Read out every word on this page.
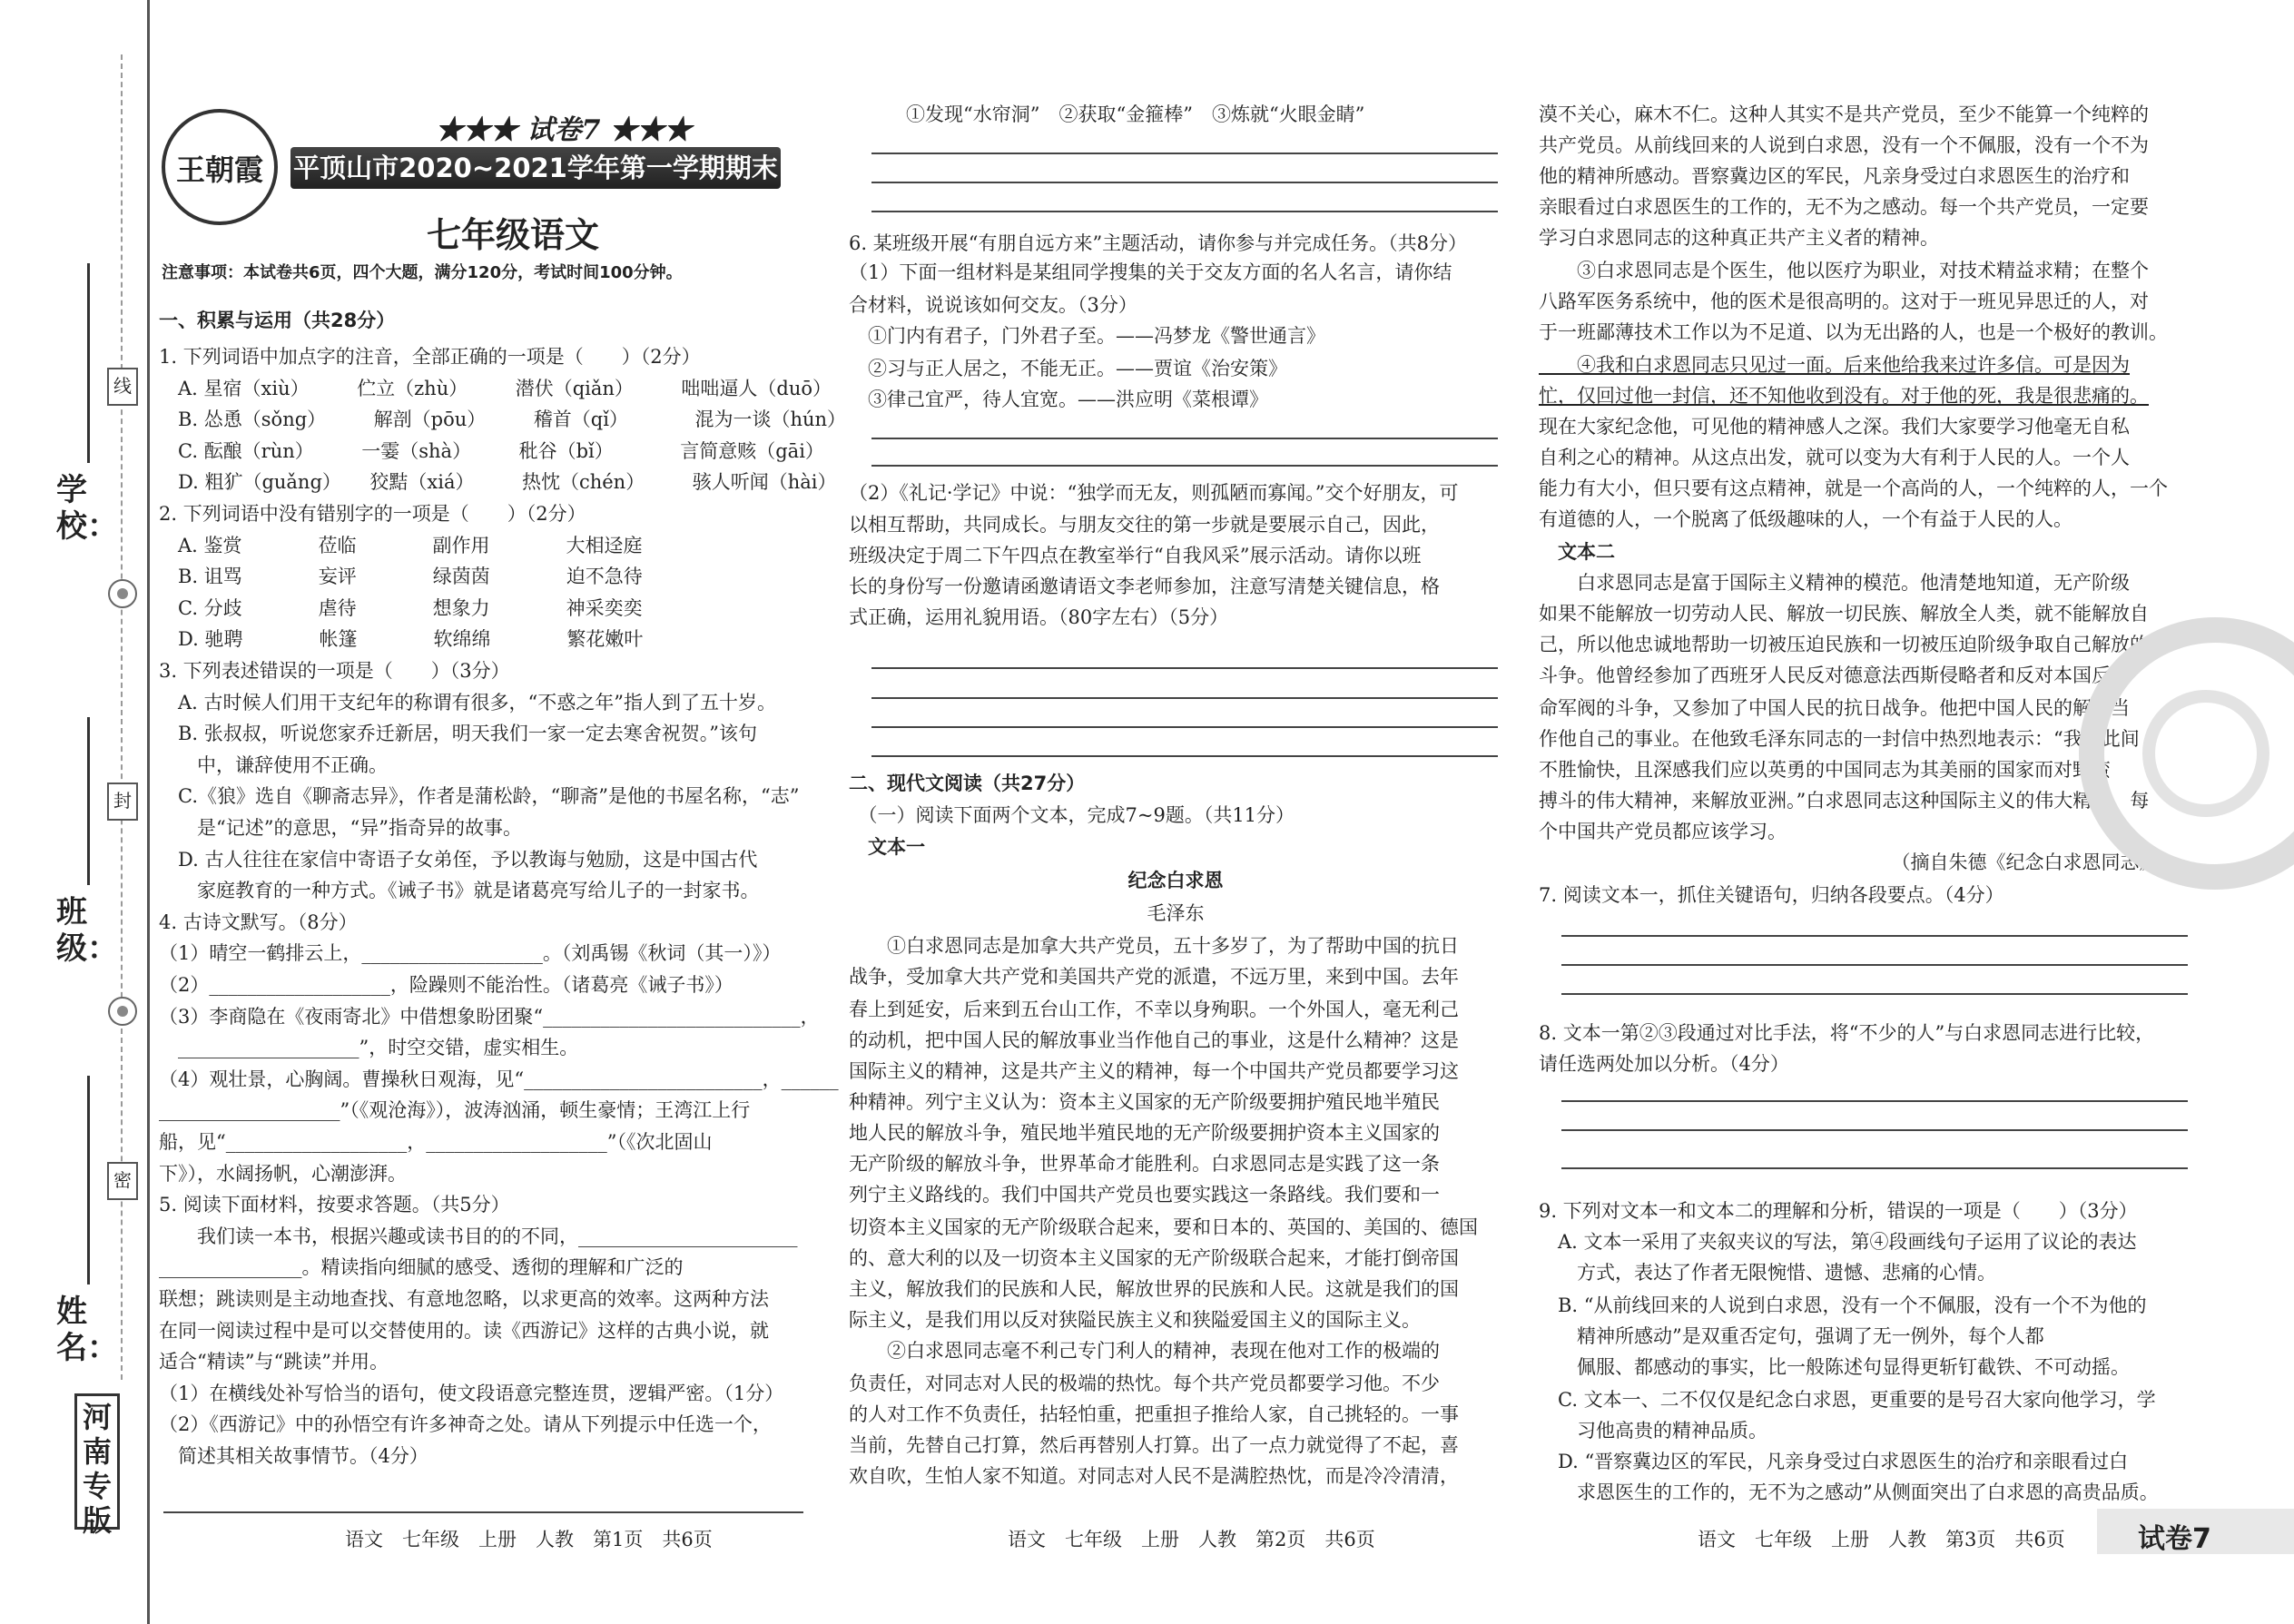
学校：
班级：
姓名：
线
封
密
河南专版
王朝霞
★★★ 试卷7 ★★★
平顶山市2020~2021学年第一学期期末调研考试试卷
七年级语文
注意事项：本试卷共6页，四个大题，满分120分，考试时间100分钟。
一、积累与运用（共28分）
1. 下列词语中加点字的注音，全部正确的一项是（　　）（2分）
　A. 星宿（xiù）　　　伫立（zhù）　　　潜伏（qiǎn）　　　咄咄逼人（duō）
　B. 怂恿（sǒng）　　　解剖（pōu）　　　稽首（qǐ）　　　　混为一谈（hún）
　C. 酝酿（rùn）　　　一霎（shà）　　　秕谷（bǐ）　　　　言简意赅（gāi）
　D. 粗犷（guǎng）　　狡黠（xiá）　　　热忱（chén）　　　骇人听闻（hài）
2. 下列词语中没有错别字的一项是（　　）（2分）
　A. 鉴赏　　　　莅临　　　　副作用　　　　大相迳庭
　B. 诅骂　　　　妄评　　　　绿茵茵　　　　迫不急待
　C. 分歧　　　　虐待　　　　想象力　　　　神采奕奕
　D. 驰聘　　　　帐篷　　　　软绵绵　　　　繁花嫩叶
3. 下列表述错误的一项是（　　）（3分）
　A. 古时候人们用干支纪年的称谓有很多，“不惑之年”指人到了五十岁。
　B. 张叔叔，听说您家乔迁新居，明天我们一家一定去寒舍祝贺。”该句
　　中，谦辞使用不正确。
　C.《狼》选自《聊斋志异》，作者是蒲松龄，“聊斋”是他的书屋名称，“志”
　　是“记述”的意思，“异”指奇异的故事。
　D. 古人往往在家信中寄语子女弟侄，予以教诲与勉励，这是中国古代
　　家庭教育的一种方式。《诫子书》就是诸葛亮写给儿子的一封家书。
4. 古诗文默写。（8分）
（1）晴空一鹤排云上，___________________。（刘禹锡《秋词（其一）》）
（2）___________________，险躁则不能治性。（诸葛亮《诫子书》）
（3）李商隐在《夜雨寄北》中借想象盼团聚“___________________________，
　___________________”，时空交错，虚实相生。
（4）观壮景，心胸阔。曹操秋日观海，见“_________________________，______
___________________”（《观沧海》），波涛汹涌，顿生豪情；王湾江上行
船，见“___________________，___________________”（《次北固山
下》），水阔扬帆，心潮澎湃。
5. 阅读下面材料，按要求答题。（共5分）
　　我们读一本书，根据兴趣或读书目的的不同，_______________________
_______________。精读指向细腻的感受、透彻的理解和广泛的
联想；跳读则是主动地查找、有意地忽略，以求更高的效率。这两种方法
在同一阅读过程中是可以交替使用的。读《西游记》这样的古典小说，就
适合“精读”与“跳读”并用。
（1）在横线处补写恰当的语句，使文段语意完整连贯，逻辑严密。（1分）
（2）《西游记》中的孙悟空有许多神奇之处。请从下列提示中任选一个，
　简述其相关故事情节。（4分）
　　　①发现“水帘洞”　②获取“金箍棒”　③炼就“火眼金睛”
6. 某班级开展“有朋自远方来”主题活动，请你参与并完成任务。（共8分）
（1）下面一组材料是某组同学搜集的关于交友方面的名人名言，请你结
合材料，说说该如何交友。（3分）
　①门内有君子，门外君子至。——冯梦龙《警世通言》
　②习与正人居之，不能无正。——贾谊《治安策》
　③律己宜严，待人宜宽。——洪应明《菜根谭》
（2）《礼记·学记》中说：“独学而无友，则孤陋而寡闻。”交个好朋友，可
以相互帮助，共同成长。与朋友交往的第一步就是要展示自己，因此，
班级决定于周二下午四点在教室举行“自我风采”展示活动。请你以班
长的身份写一份邀请函邀请语文李老师参加，注意写清楚关键信息，格
式正确，运用礼貌用语。（80字左右）（5分）
二、现代文阅读（共27分）
　（一）阅读下面两个文本，完成7~9题。（共11分）
　文本一
纪念白求恩
毛泽东
　　①白求恩同志是加拿大共产党员，五十多岁了，为了帮助中国的抗日
战争，受加拿大共产党和美国共产党的派遣，不远万里，来到中国。去年
春上到延安，后来到五台山工作，不幸以身殉职。一个外国人，毫无利己
的动机，把中国人民的解放事业当作他自己的事业，这是什么精神？这是
国际主义的精神，这是共产主义的精神，每一个中国共产党员都要学习这
种精神。列宁主义认为：资本主义国家的无产阶级要拥护殖民地半殖民
地人民的解放斗争，殖民地半殖民地的无产阶级要拥护资本主义国家的
无产阶级的解放斗争，世界革命才能胜利。白求恩同志是实践了这一条
列宁主义路线的。我们中国共产党员也要实践这一条路线。我们要和一
切资本主义国家的无产阶级联合起来，要和日本的、英国的、美国的、德国
的、意大利的以及一切资本主义国家的无产阶级联合起来，才能打倒帝国
主义，解放我们的民族和人民，解放世界的民族和人民。这就是我们的国
际主义，是我们用以反对狭隘民族主义和狭隘爱国主义的国际主义。
　　②白求恩同志毫不利己专门利人的精神，表现在他对工作的极端的
负责任，对同志对人民的极端的热忱。每个共产党员都要学习他。不少
的人对工作不负责任，拈轻怕重，把重担子推给人家，自己挑轻的。一事
当前，先替自己打算，然后再替别人打算。出了一点力就觉得了不起，喜
欢自吹，生怕人家不知道。对同志对人民不是满腔热忱，而是冷冷清清，
漠不关心，麻木不仁。这种人其实不是共产党员，至少不能算一个纯粹的
共产党员。从前线回来的人说到白求恩，没有一个不佩服，没有一个不为
他的精神所感动。晋察冀边区的军民，凡亲身受过白求恩医生的治疗和
亲眼看过白求恩医生的工作的，无不为之感动。每一个共产党员，一定要
学习白求恩同志的这种真正共产主义者的精神。
　　③白求恩同志是个医生，他以医疗为职业，对技术精益求精；在整个
八路军医务系统中，他的医术是很高明的。这对于一班见异思迁的人，对
于一班鄙薄技术工作以为不足道、以为无出路的人，也是一个极好的教训。
　　④我和白求恩同志只见过一面。后来他给我来过许多信。可是因为
忙，仅回过他一封信，还不知他收到没有。对于他的死，我是很悲痛的。
现在大家纪念他，可见他的精神感人之深。我们大家要学习他毫无自私
自利之心的精神。从这点出发，就可以变为大有利于人民的人。一个人
能力有大小，但只要有这点精神，就是一个高尚的人，一个纯粹的人，一个
有道德的人，一个脱离了低级趣味的人，一个有益于人民的人。
　文本二
　　白求恩同志是富于国际主义精神的模范。他清楚地知道，无产阶级
如果不能解放一切劳动人民、解放一切民族、解放全人类，就不能解放自
己，所以他忠诚地帮助一切被压迫民族和一切被压迫阶级争取自己解放的
斗争。他曾经参加了西班牙人民反对德意法西斯侵略者和反对本国反革
命军阀的斗争，又参加了中国人民的抗日战争。他把中国人民的解放当
作他自己的事业。在他致毛泽东同志的一封信中热烈地表示：“我在此间
不胜愉快，且深感我们应以英勇的中国同志为其美丽的国家而对野蛮
搏斗的伟大精神，来解放亚洲。”白求恩同志这种国际主义的伟大精神，每
个中国共产党员都应该学习。
　　　　　　　　　　　　　　　　　　　（摘自朱德《纪念白求恩同志》）
7. 阅读文本一，抓住关键语句，归纳各段要点。（4分）
8. 文本一第②③段通过对比手法，将“不少的人”与白求恩同志进行比较，
请任选两处加以分析。（4分）
9. 下列对文本一和文本二的理解和分析，错误的一项是（　　）（3分）
　A. 文本一采用了夹叙夹议的写法，第④段画线句子运用了议论的表达
　　方式，表达了作者无限惋惜、遗憾、悲痛的心情。
　B. “从前线回来的人说到白求恩，没有一个不佩服，没有一个不为他的
　　精神所感动”是双重否定句，强调了无一例外，每个人都
　　佩服、都感动的事实，比一般陈述句显得更斩钉截铁、不可动摇。
　C. 文本一、二不仅仅是纪念白求恩，更重要的是号召大家向他学习，学
　　习他高贵的精神品质。
　D. “晋察冀边区的军民，凡亲身受过白求恩医生的治疗和亲眼看过白
　　求恩医生的工作的，无不为之感动”从侧面突出了白求恩的高贵品质。
语文　七年级　上册　人教　第1页　共6页	语文　七年级　上册　人教　第2页　共6页	语文　七年级　上册　人教　第3页　共6页	试卷7
